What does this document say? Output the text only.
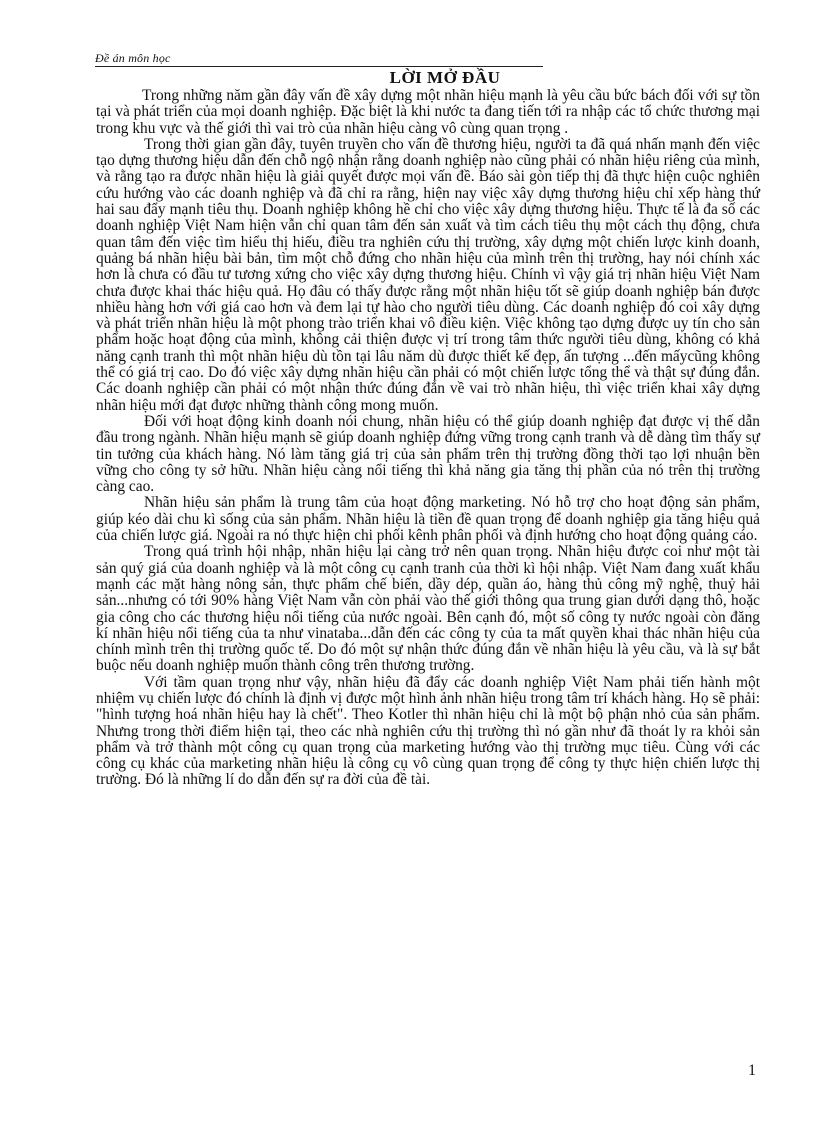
Đề án môn học
LỜI MỞ ĐẦU

Trong những năm gần đây vấn đề xây dựng một nhãn hiệu mạnh là yêu cầu bức bách đối với sự tồn tại và phát triển của mọi doanh nghiệp. Đặc biệt là khi nước ta đang tiến tới ra nhập các tổ chức thương mại trong khu vực và thế giới thì vai trò của nhãn hiệu càng vô cùng quan trọng .

Trong thời gian gần đây, tuyên truyền cho vấn đề thương hiệu, người ta đã quá nhấn mạnh đến việc tạo dựng thương hiệu dẫn đến chỗ ngộ nhận rằng doanh nghiệp nào cũng phải có nhãn hiệu riêng của mình, và rằng tạo ra được nhãn hiệu là giải quyết được mọi vấn đề. Báo sài gòn tiếp thị đã thực hiện cuộc nghiên cứu hướng vào các doanh nghiệp và đã chỉ ra rằng, hiện nay việc xây dựng thương hiệu chỉ xếp hàng thứ hai sau đẩy mạnh tiêu thụ. Doanh nghiệp không hề chỉ cho việc xây dựng thương hiệu. Thực tế là đa số các doanh nghiệp Việt Nam hiện vẫn chỉ quan tâm đến sản xuất và tìm cách tiêu thụ một cách thụ động, chưa quan tâm đến việc tìm hiểu thị hiếu, điều tra nghiên cứu thị trường, xây dựng một chiến lược kinh doanh, quảng bá nhãn hiệu bài bản, tìm một chỗ đứng cho nhãn hiệu của mình trên thị trường, hay nói chính xác hơn là chưa có đầu tư tương xứng cho việc xây dựng thương hiệu. Chính vì vậy giá trị nhãn hiệu Việt Nam chưa được khai thác hiệu quả. Họ đâu có thấy được rằng một nhãn hiệu tốt sẽ giúp doanh nghiệp bán được nhiều hàng hơn với giá cao hơn và đem lại tự hào cho người tiêu dùng. Các doanh nghiệp đó coi xây dựng và phát triển nhãn hiệu là một phong trào triển khai vô điều kiện. Việc không tạo dựng được uy tín cho sản phẩm hoặc hoạt động của mình, không cải thiện được vị trí trong tâm thức người tiêu dùng, không có khả năng cạnh tranh thì một nhãn hiệu dù tồn tại lâu năm dù được thiết kế đẹp, ấn tượng ...đến mấycũng không thể có giá trị cao. Do đó việc xây dựng nhãn hiệu cần phải có một chiến lược tổng thể và thật sự đúng đắn. Các doanh nghiệp cần phải có một nhận thức đúng đắn về vai trò nhãn hiệu, thì việc triển khai xây dựng nhãn hiệu mới đạt được những thành công mong muốn.

Đối với hoạt động kinh doanh nói chung, nhãn hiệu có thể giúp doanh nghiệp đạt được vị thế dẫn đầu trong ngành. Nhãn hiệu mạnh sẽ giúp doanh nghiệp đứng vững trong cạnh tranh và dễ dàng tìm thấy sự tin tưởng của khách hàng. Nó làm tăng giá trị của sản phẩm trên thị trường đồng thời tạo lợi nhuận bền vững cho công ty sở hữu. Nhãn hiệu càng nổi tiếng thì khả năng gia tăng thị phần của nó trên thị trường càng cao.

Nhãn hiệu sản phẩm là trung tâm của hoạt động marketing. Nó hỗ trợ cho hoạt động sản phẩm, giúp kéo dài chu kì sống của sản phẩm. Nhãn hiệu là tiền đề quan trọng để doanh nghiệp gia tăng hiệu quả của chiến lược giá. Ngoài ra nó thực hiện chi phối kênh phân phối và định hướng cho hoạt động quảng cáo.

Trong quá trình hội nhập, nhãn hiệu lại càng trở nên quan trọng. Nhãn hiệu được coi như một tài sản quý giá của doanh nghiệp và là một công cụ cạnh tranh của thời kì hội nhập. Việt Nam đang xuất khẩu mạnh các mặt hàng nông sản, thực phẩm chế biến, dầy dép, quần áo, hàng thủ công mỹ nghệ, thuỷ hải sản...nhưng có tới 90% hàng Việt Nam vẫn còn phải vào thế giới thông qua trung gian dưới dạng thô, hoặc gia công cho các thương hiệu nổi tiếng của nước ngoài. Bên cạnh đó, một số công ty nước ngoài còn đăng kí nhãn hiệu nổi tiếng của ta như vinataba...dẫn đến các công ty của ta mất quyền khai thác nhãn hiệu của chính mình trên thị trường quốc tế. Do đó một sự nhận thức đúng đắn về nhãn hiệu là yêu cầu, và là sự bắt buộc nếu doanh nghiệp muốn thành công trên thương trường.

Với tầm quan trọng như vậy, nhãn hiệu đã đẩy các doanh nghiệp Việt Nam phải tiến hành một nhiệm vụ chiến lược đó chính là định vị được một hình ảnh nhãn hiệu trong tâm trí khách hàng. Họ sẽ phải: "hình tượng hoá nhãn hiệu hay là chết". Theo Kotler thì nhãn hiệu chỉ là một bộ phận nhỏ của sản phẩm. Nhưng trong thời điểm hiện tại, theo các nhà nghiên cứu thị trường thì nó gần như đã thoát ly ra khỏi sản phẩm và trở thành một công cụ quan trọng của marketing hướng vào thị trường mục tiêu. Cùng với các công cụ khác của marketing nhãn hiệu là công cụ vô cùng quan trọng để công ty thực hiện chiến lược thị trường. Đó là những lí do dẫn đến sự ra đời của đề tài.

1
